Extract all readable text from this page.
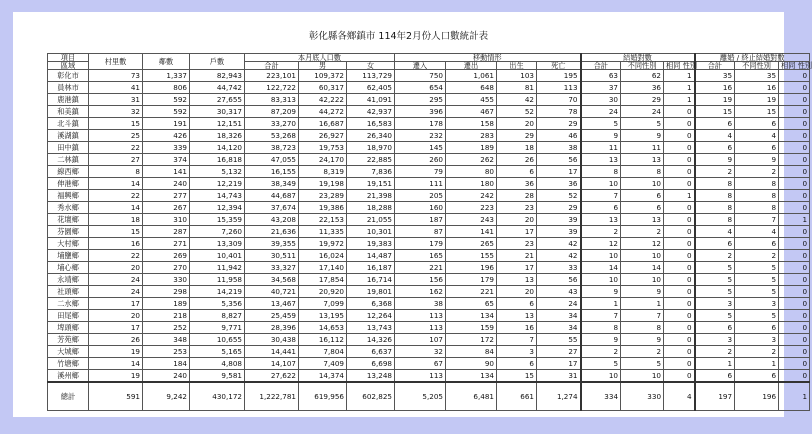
彰化縣各鄉鎮市 114年2月份人口數統計表
項目	村里數	鄰數	戶數	本月底人口數			移動情形				結婚對數			離婚 / 終止結婚對數		
區域				合計	男	女	遷入	遷出	出生	死亡	合計	不同性別	相同 性別	合計	不同性別	相同 性別
彰化市	73	1,337	82,943	223,101	109,372	113,729	750	1,061	103	195	63	62	1	35	35	0
員林市	41	806	44,742	122,722	60,317	62,405	654	648	81	113	37	36	1	16	16	0
鹿港鎮	31	592	27,655	83,313	42,222	41,091	295	455	42	70	30	29	1	19	19	0
和美鎮	32	592	30,317	87,209	44,272	42,937	396	467	52	78	24	24	0	15	15	0
北斗鎮	15	191	12,151	33,270	16,687	16,583	178	158	20	29	5	5	0	6	6	0
溪湖鎮	25	426	18,326	53,268	26,927	26,340	232	283	29	46	9	9	0	4	4	0
田中鎮	22	339	14,120	38,723	19,753	18,970	145	189	18	38	11	11	0	6	6	0
二林鎮	27	374	16,818	47,055	24,170	22,885	260	262	26	56	13	13	0	9	9	0
線西鄉	8	141	5,132	16,155	8,319	7,836	79	80	6	17	8	8	0	2	2	0
伸港鄉	14	240	12,219	38,349	19,198	19,151	111	180	36	36	10	10	0	8	8	0
福興鄉	22	277	14,743	44,687	23,289	21,398	205	242	28	52	7	6	1	8	8	0
秀水鄉	14	267	12,394	37,674	19,386	18,288	160	223	23	29	6	6	0	8	8	0
花壇鄉	18	310	15,359	43,208	22,153	21,055	187	243	20	39	13	13	0	8	7	1
芬園鄉	15	287	7,260	21,636	11,335	10,301	87	141	17	39	2	2	0	4	4	0
大村鄉	16	271	13,309	39,355	19,972	19,383	179	265	23	42	12	12	0	6	6	0
埔鹽鄉	22	269	10,401	30,511	16,024	14,487	165	155	21	42	10	10	0	2	2	0
埔心鄉	20	270	11,942	33,327	17,140	16,187	221	196	17	33	14	14	0	5	5	0
永靖鄉	24	330	11,958	34,568	17,854	16,714	156	179	13	56	10	10	0	5	5	0
社頭鄉	24	298	14,219	40,721	20,920	19,801	162	221	20	43	9	9	0	5	5	0
二水鄉	17	189	5,356	13,467	7,099	6,368	38	65	6	24	1	1	0	3	3	0
田尾鄉	20	218	8,827	25,459	13,195	12,264	113	134	13	34	7	7	0	5	5	0
埤頭鄉	17	252	9,771	28,396	14,653	13,743	113	159	16	34	8	8	0	6	6	0
芳苑鄉	26	348	10,655	30,438	16,112	14,326	107	172	7	55	9	9	0	3	3	0
大城鄉	19	253	5,165	14,441	7,804	6,637	32	84	3	27	2	2	0	2	2	0
竹塘鄉	14	184	4,808	14,107	7,409	6,698	67	90	6	17	5	5	0	1	1	0
溪州鄉	19	240	9,581	27,622	14,374	13,248	113	134	15	31	10	10	0	6	6	0
總計	591	9,242	430,172	1,222,781	619,956	602,825	5,205	6,481	661	1,274	334	330	4	197	196	1
